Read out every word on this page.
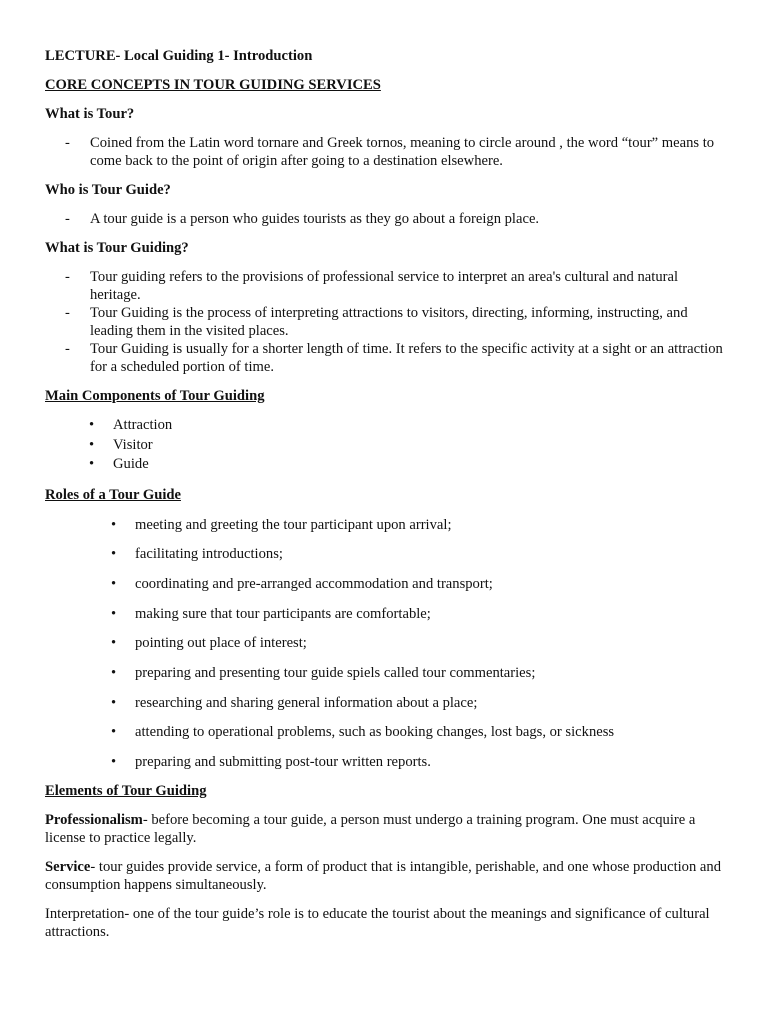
LECTURE- Local Guiding 1- Introduction
CORE CONCEPTS IN TOUR GUIDING SERVICES
What is Tour?
- Coined from the Latin word tornare and Greek tornos, meaning to circle around , the word “tour” means to come back to the point of origin after going to a destination elsewhere.
Who is Tour Guide?
- A tour guide is a person who guides tourists as they go about a foreign place.
What is Tour Guiding?
- Tour guiding refers to the provisions of professional service to interpret an area's cultural and natural heritage.
- Tour Guiding is the process of interpreting attractions to visitors, directing, informing, instructing, and leading them in the visited places.
- Tour Guiding is usually for a shorter length of time. It refers to the specific activity at a sight or an attraction for a scheduled portion of time.
Main Components of Tour Guiding
• Attraction
• Visitor
• Guide
Roles of a Tour Guide
• meeting and greeting the tour participant upon arrival;
• facilitating introductions;
• coordinating and pre-arranged accommodation and transport;
• making sure that tour participants are comfortable;
• pointing out place of interest;
• preparing and presenting tour guide spiels called tour commentaries;
• researching and sharing general information about a place;
• attending to operational problems, such as booking changes, lost bags, or sickness
• preparing and submitting post-tour written reports.
Elements of Tour Guiding
Professionalism- before becoming a tour guide, a person must undergo a training program. One must acquire a license to practice legally.
Service- tour guides provide service, a form of product that is intangible, perishable, and one whose production and consumption happens simultaneously.
Interpretation- one of the tour guide’s role is to educate the tourist about the meanings and significance of cultural attractions.
